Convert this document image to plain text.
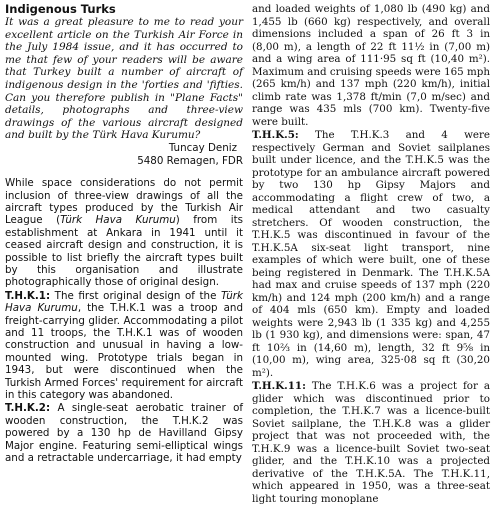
Indigenous Turks

It was a great pleasure to me to read your excellent article on the Turkish Air Force in the July 1984 issue, and it has occurred to me that few of your readers will be aware that Turkey built a number of aircraft of indigenous design in the 'forties and 'fifties. Can you therefore publish in "Plane Facts" details, photographs and three-view drawings of the various aircraft designed and built by the Türk Hava Kurumu?

Tuncay Deniz
5480 Remagen, FDR

While space considerations do not permit inclusion of three-view drawings of all the aircraft types produced by the Turkish Air League (Türk Hava Kurumu) from its establishment at Ankara in 1941 until it ceased aircraft design and construction, it is possible to list briefly the aircraft types built by this organisation and illustrate photographically those of original design.

T.H.K.1: The first original design of the Türk Hava Kurumu, the T.H.K.1 was a troop and freight-carrying glider. Accommodating a pilot and 11 troops, the T.H.K.1 was of wooden construction and unusual in having a low-mounted wing. Prototype trials began in 1943, but were discontinued when the Turkish Armed Forces' requirement for aircraft in this category was abandoned.

T.H.K.2: A single-seat aerobatic trainer of wooden construction, the T.H.K.2 was powered by a 130 hp de Havilland Gipsy Major engine. Featuring semi-elliptical wings and a retractable undercarriage, it had empty

and loaded weights of 1,080 lb (490 kg) and 1,455 lb (660 kg) respectively, and overall dimensions included a span of 26 ft 3 in (8,00 m), a length of 22 ft 11½ in (7,00 m) and a wing area of 111·95 sq ft (10,40 m²). Maximum and cruising speeds were 165 mph (265 km/h) and 137 mph (220 km/h), initial climb rate was 1,378 ft/min (7,0 m/sec) and range was 435 mls (700 km). Twenty-five were built.

T.H.K.5: The T.H.K.3 and 4 were respectively German and Soviet sailplanes built under licence, and the T.H.K.5 was the prototype for an ambulance aircraft powered by two 130 hp Gipsy Majors and accommodating a flight crew of two, a medical attendant and two casualty stretchers. Of wooden construction, the T.H.K.5 was discontinued in favour of the T.H.K.5A six-seat light transport, nine examples of which were built, one of these being registered in Denmark. The T.H.K.5A had max and cruise speeds of 137 mph (220 km/h) and 124 mph (200 km/h) and a range of 404 mls (650 km). Empty and loaded weights were 2,943 lb (1 335 kg) and 4,255 lb (1 930 kg), and dimensions were: span, 47 ft 10⅔ in (14,60 m), length, 32 ft 9⅝ in (10,00 m), wing area, 325·08 sq ft (30,20 m²).

T.H.K.11: The T.H.K.6 was a project for a glider which was discontinued prior to completion, the T.H.K.7 was a licence-built Soviet sailplane, the T.H.K.8 was a glider project that was not proceeded with, the T.H.K.9 was a licence-built Soviet two-seat glider, and the T.H.K.10 was a projected derivative of the T.H.K.5A. The T.H.K.11, which appeared in 1950, was a three-seat light touring monoplane
